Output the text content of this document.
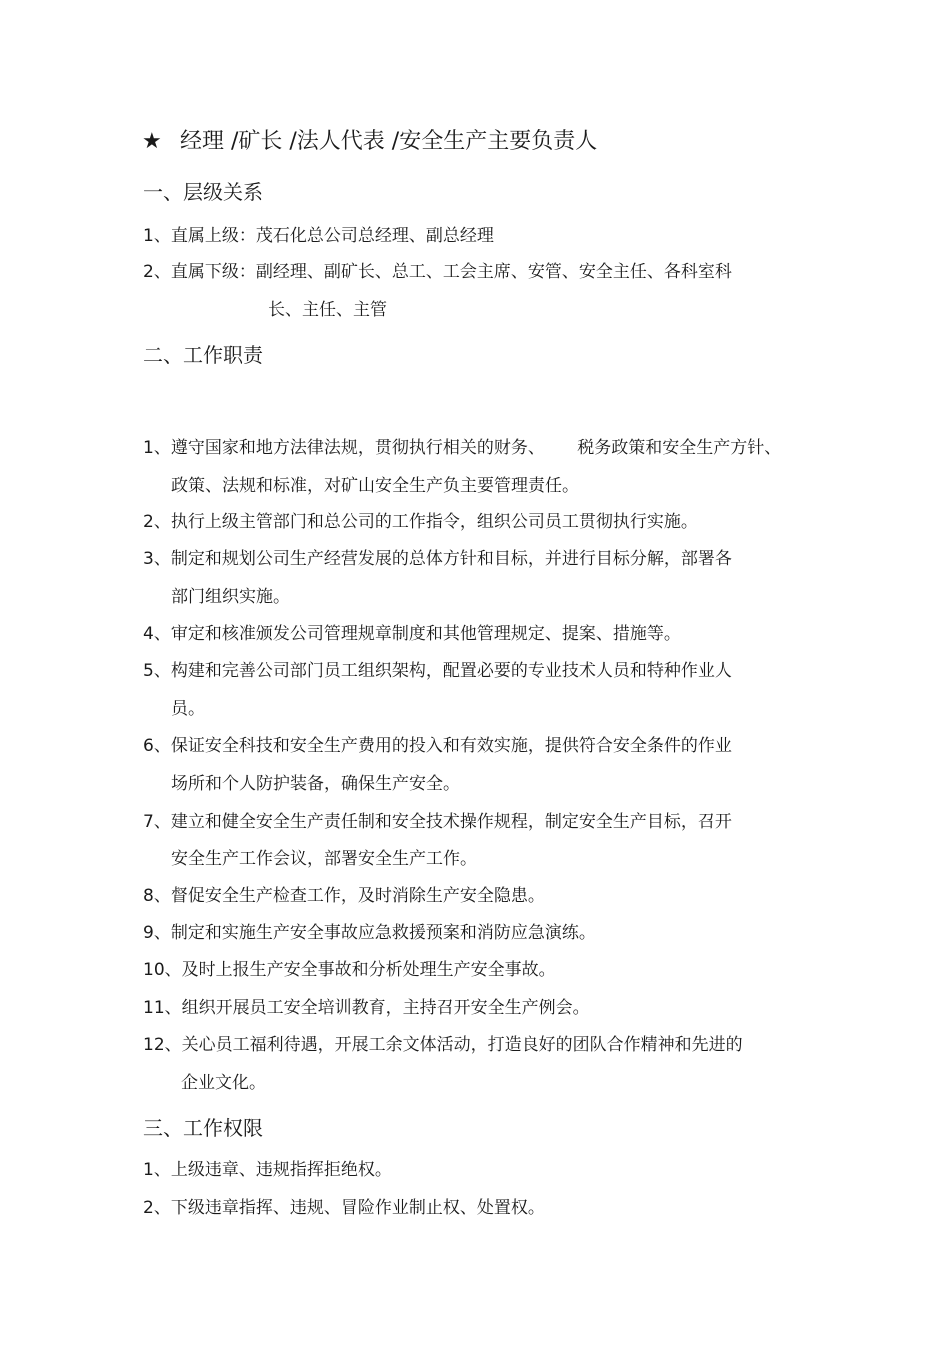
★ 经理 /矿长 /法人代表 /安全生产主要负责人
一、层级关系
1、直属上级：茂石化总公司总经理、副总经理
2、直属下级：副经理、副矿长、总工、工会主席、安管、安全主任、各科室科
长、主任、主管
二、工作职责
1、遵守国家和地方法律法规，贯彻执行相关的财务、      税务政策和安全生产方针、
政策、法规和标准，对矿山安全生产负主要管理责任。
2、执行上级主管部门和总公司的工作指令，组织公司员工贯彻执行实施。
3、制定和规划公司生产经营发展的总体方针和目标，并进行目标分解，部署各
部门组织实施。
4、审定和核准颁发公司管理规章制度和其他管理规定、提案、措施等。
5、构建和完善公司部门员工组织架构，配置必要的专业技术人员和特种作业人
员。
6、保证安全科技和安全生产费用的投入和有效实施，提供符合安全条件的作业
场所和个人防护装备，确保生产安全。
7、建立和健全安全生产责任制和安全技术操作规程，制定安全生产目标，召开
安全生产工作会议，部署安全生产工作。
8、督促安全生产检查工作，及时消除生产安全隐患。
9、制定和实施生产安全事故应急救援预案和消防应急演练。
10、及时上报生产安全事故和分析处理生产安全事故。
11、组织开展员工安全培训教育，主持召开安全生产例会。
12、关心员工福利待遇，开展工余文体活动，打造良好的团队合作精神和先进的
企业文化。
三、工作权限
1、上级违章、违规指挥拒绝权。
2、下级违章指挥、违规、冒险作业制止权、处置权。
